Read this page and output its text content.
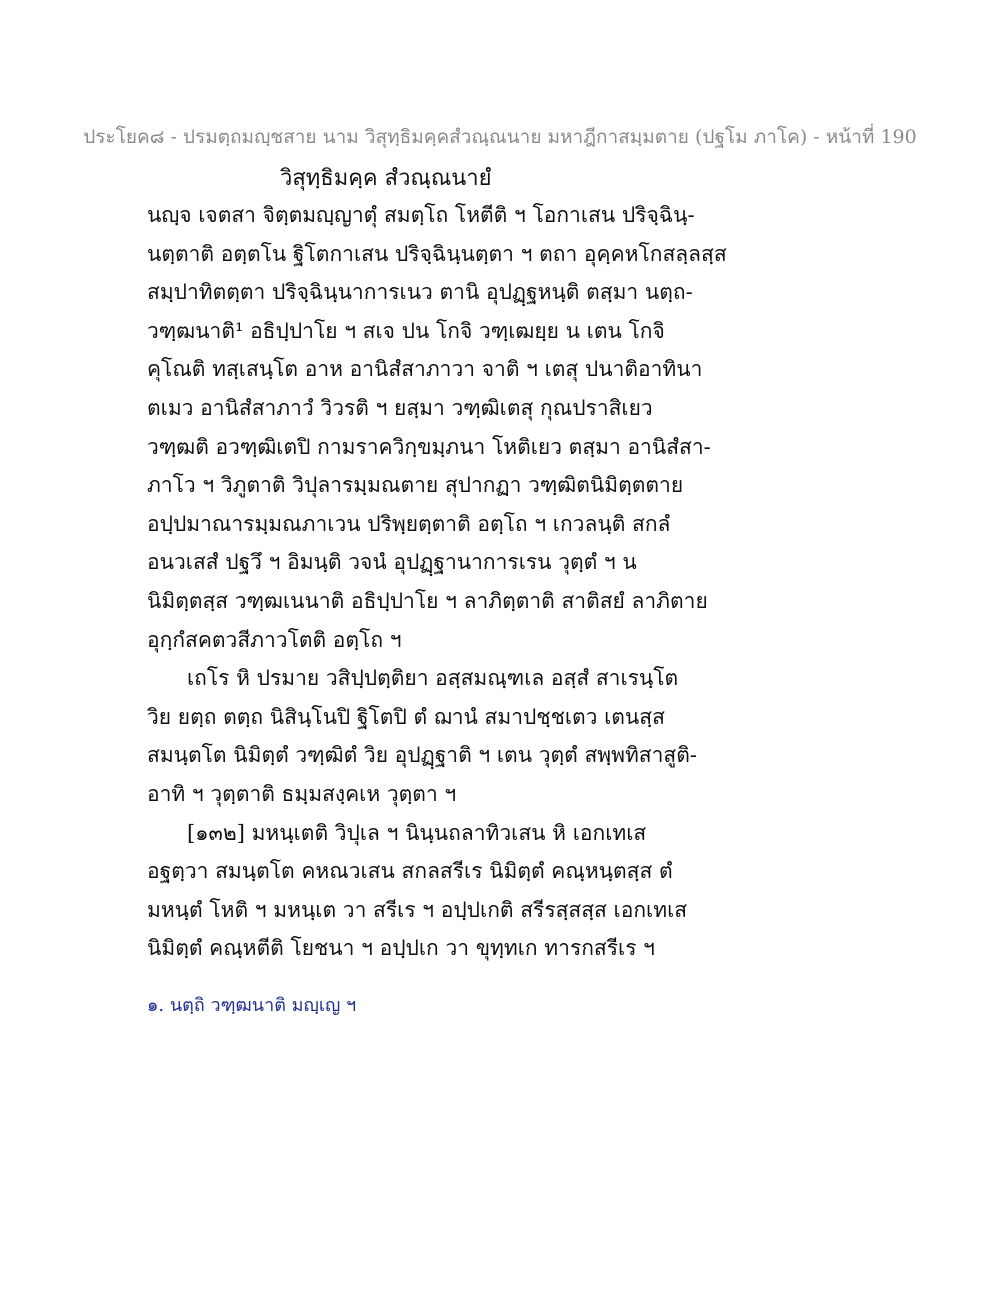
ประโยค๘ - ปรมตฺถมญฺชสาย นาม วิสุทฺธิมคฺคสํวณฺณนาย มหาฎีกาสมฺมตาย (ปฐโม ภาโค) - หน้าที่ 190
วิสุทฺธิมคฺค สํวณฺณนายํ
นญฺจ เจตสา จิตฺตมญฺญาตุํ สมตฺโถ โหตีติ ฯ โอกาเสน ปริจฺฉินฺ-
นตฺตาติ อตฺตโน ฐิโตกาเสน ปริจฺฉินฺนตฺตา ฯ ตถา อุคฺคหโกสลฺลสฺส
สมฺปาทิตตฺตา ปริจฺฉินฺนาการเนว ตานิ อุปฏฺฐหนฺติ ตสฺมา นตฺถ-
วฑฺฒนาติ¹ อธิปฺปาโย ฯ สเจ ปน โกจิ วฑฺเฒยฺย น เตน โกจิ
คุโณติ ทสฺเสนฺโต อาห อานิสํสาภาวา จาติ ฯ เตสุ ปนาติอาทินา
ตเมว อานิสํสาภาวํ วิวรติ ฯ ยสฺมา วฑฺฒิเตสุ กุณปราสิเยว
วฑฺฒติ อวฑฺฒิเตปิ กามราควิกฺขมฺภนา โหติเยว ตสฺมา อานิสํสา-
ภาโว ฯ วิภูตาติ วิปุลารมฺมณตาย สุปากฏา วฑฺฒิตนิมิตฺตตาย
อปฺปมาณารมฺมณภาเวน ปริพฺยตฺตาติ อตฺโถ ฯ เกวลนฺติ สกลํ
อนวเสสํ ปฐวึ ฯ อิมนฺติ วจนํ อุปฏฺฐานาการเรน วุตฺตํ ฯ น
นิมิตฺตสฺส วฑฺฒเนนาติ อธิปฺปาโย ฯ ลาภิตฺตาติ สาติสยํ ลาภิตาย
อุกฺกํสคตวสีภาวโตติ อตฺโถ ฯ
เถโร หิ ปรมาย วสิปฺปตฺติยา อสฺสมณฺฑเล อสฺสํ สาเรนฺโต
วิย ยตฺถ ตตฺถ นิสินฺโนปิ ฐิโตปิ ตํ ฌานํ สมาปชฺชเตว เตนสฺส
สมนฺตโต นิมิตฺตํ วฑฺฒิตํ วิย อุปฏฺฐาติ ฯ เตน วุตฺตํ สพฺพทิสาสูติ-
อาทิ ฯ วุตฺตาติ ธมฺมสงฺคเห วุตฺตา ฯ
[๑๓๒] มหนฺเตติ วิปุเล ฯ นินฺนถลาทิวเสน หิ เอกเทเส
อฐตฺวา สมนฺตโต คหณวเสน สกลสรีเร นิมิตฺตํ คณฺหนฺตสฺส ตํ
มหนฺตํ โหติ ฯ มหนฺเต วา สรีเร ฯ อปฺปเกติ สรีรสฺสสฺส เอกเทเส
นิมิตฺตํ คณฺหตีติ โยชนา ฯ อปฺปเก วา ขุทฺทเก ทารกสรีเร ฯ
๑. นตฺถิ วฑฺฒนาติ มญฺเญ ฯ
